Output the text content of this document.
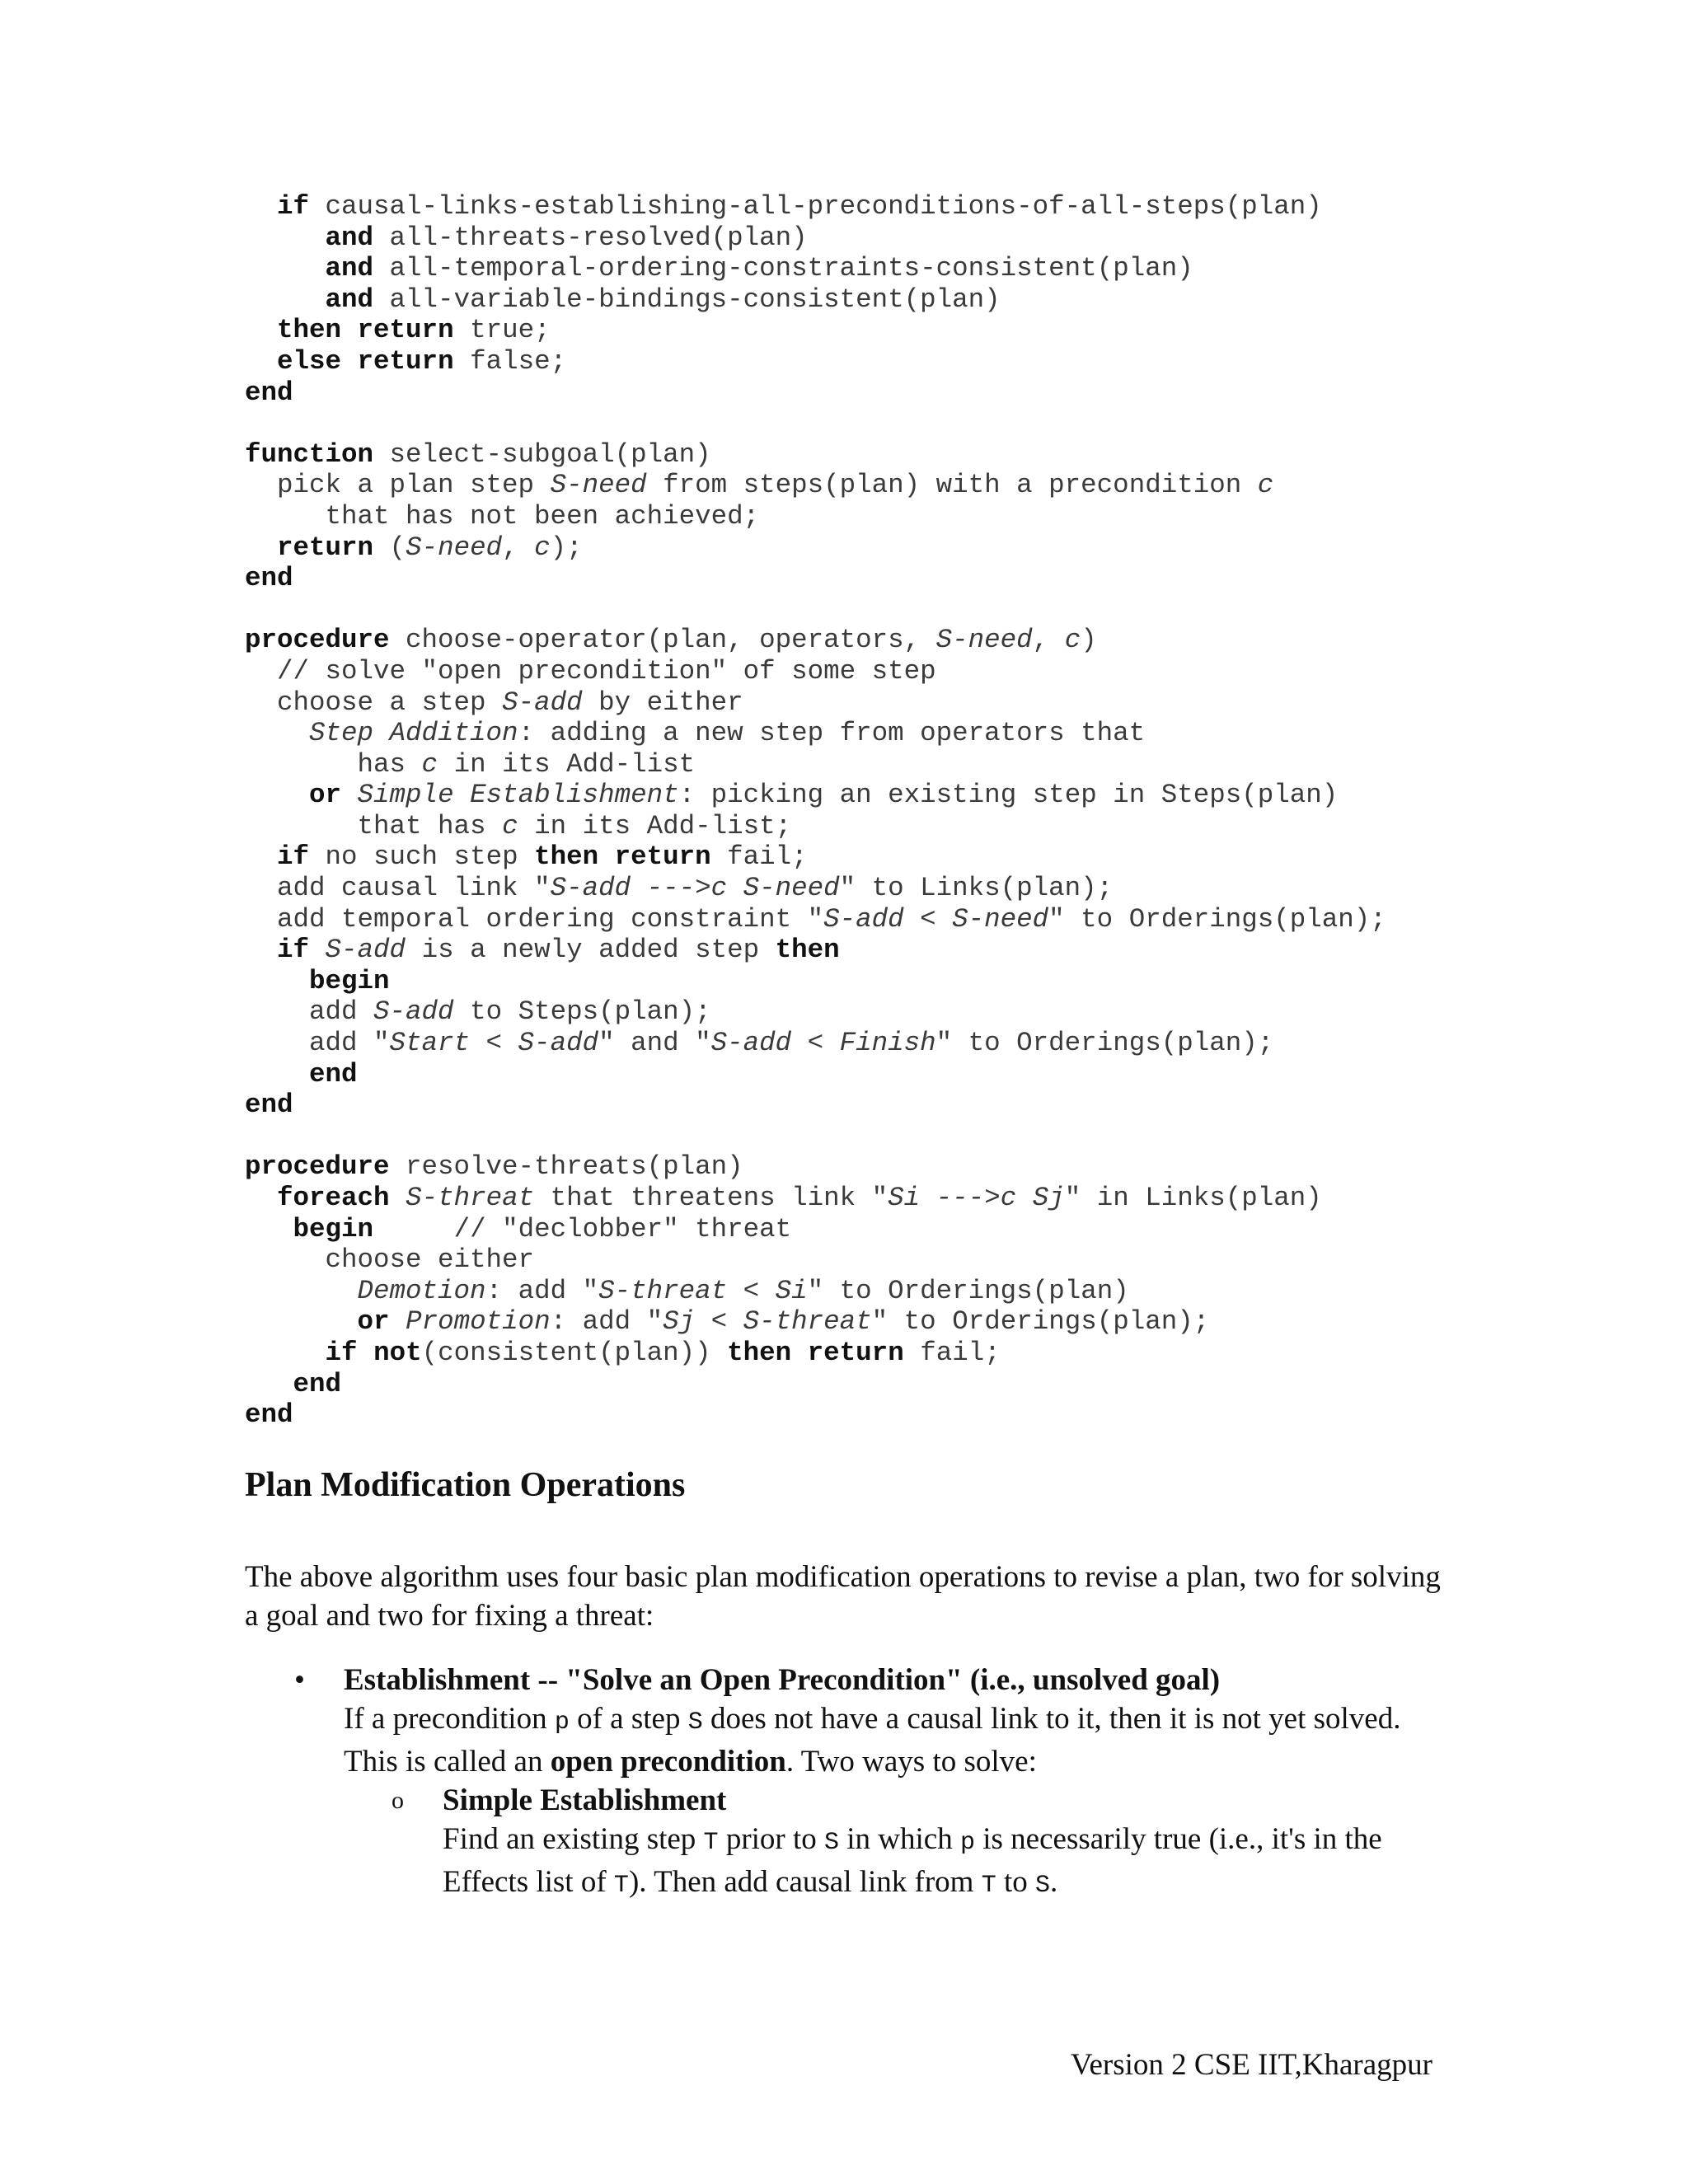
if causal-links-establishing-all-preconditions-of-all-steps(plan)
and all-threats-resolved(plan)
and all-temporal-ordering-constraints-consistent(plan)
and all-variable-bindings-consistent(plan)
then return true;
else return false;
end
function select-subgoal(plan)
pick a plan step S-need from steps(plan) with a precondition c
that has not been achieved;
return (S-need, c);
end
procedure choose-operator(plan, operators, S-need, c)
// solve "open precondition" of some step
choose a step S-add by either
Step Addition: adding a new step from operators that
has c in its Add-list
or Simple Establishment: picking an existing step in Steps(plan)
that has c in its Add-list;
if no such step then return fail;
add causal link "S-add --->c S-need" to Links(plan);
add temporal ordering constraint "S-add < S-need" to Orderings(plan);
if S-add is a newly added step then
begin
add S-add to Steps(plan);
add "Start < S-add" and "S-add < Finish" to Orderings(plan);
end
end
procedure resolve-threats(plan)
foreach S-threat that threatens link "Si --->c Sj" in Links(plan)
begin     // "declobber" threat
choose either
Demotion: add "S-threat < Si" to Orderings(plan)
or Promotion: add "Sj < S-threat" to Orderings(plan);
if not(consistent(plan)) then return fail;
end
end
Plan Modification Operations

The above algorithm uses four basic plan modification operations to revise a plan, two for solving a goal and two for fixing a threat:

• Establishment -- "Solve an Open Precondition" (i.e., unsolved goal)
If a precondition p of a step S does not have a causal link to it, then it is not yet solved. This is called an open precondition. Two ways to solve:
o Simple Establishment
Find an existing step T prior to S in which p is necessarily true (i.e., it's in the Effects list of T). Then add causal link from T to S.
Version 2 CSE IIT,Kharagpur
